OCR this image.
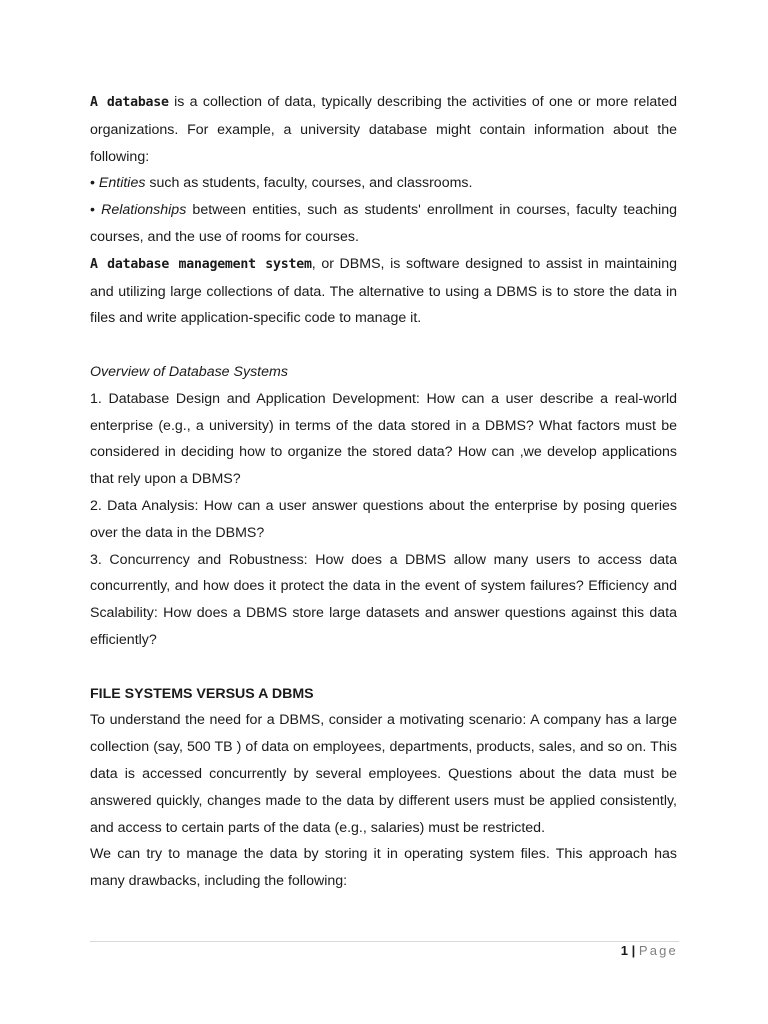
A database is a collection of data, typically describing the activities of one or more related organizations. For example, a university database might contain information about the following:

• Entities such as students, faculty, courses, and classrooms.

• Relationships between entities, such as students' enrollment in courses, faculty teaching courses, and the use of rooms for courses.

A database management system, or DBMS, is software designed to assist in maintaining and utilizing large collections of data. The alternative to using a DBMS is to store the data in files and write application-specific code to manage it.

Overview of Database Systems

1. Database Design and Application Development: How can a user describe a real-world enterprise (e.g., a university) in terms of the data stored in a DBMS? What factors must be considered in deciding how to organize the stored data? How can ,we develop applications that rely upon a DBMS?

2. Data Analysis: How can a user answer questions about the enterprise by posing queries over the data in the DBMS?

3. Concurrency and Robustness: How does a DBMS allow many users to access data concurrently, and how does it protect the data in the event of system failures? Efficiency and Scalability: How does a DBMS store large datasets and answer questions against this data efficiently?

FILE SYSTEMS VERSUS A DBMS

To understand the need for a DBMS, consider a motivating scenario: A company has a large collection (say, 500 TB ) of data on employees, departments, products, sales, and so on. This data is accessed concurrently by several employees. Questions about the data must be answered quickly, changes made to the data by different users must be applied consistently, and access to certain parts of the data (e.g., salaries) must be restricted.

We can try to manage the data by storing it in operating system files. This approach has many drawbacks, including the following:

1 | Page
